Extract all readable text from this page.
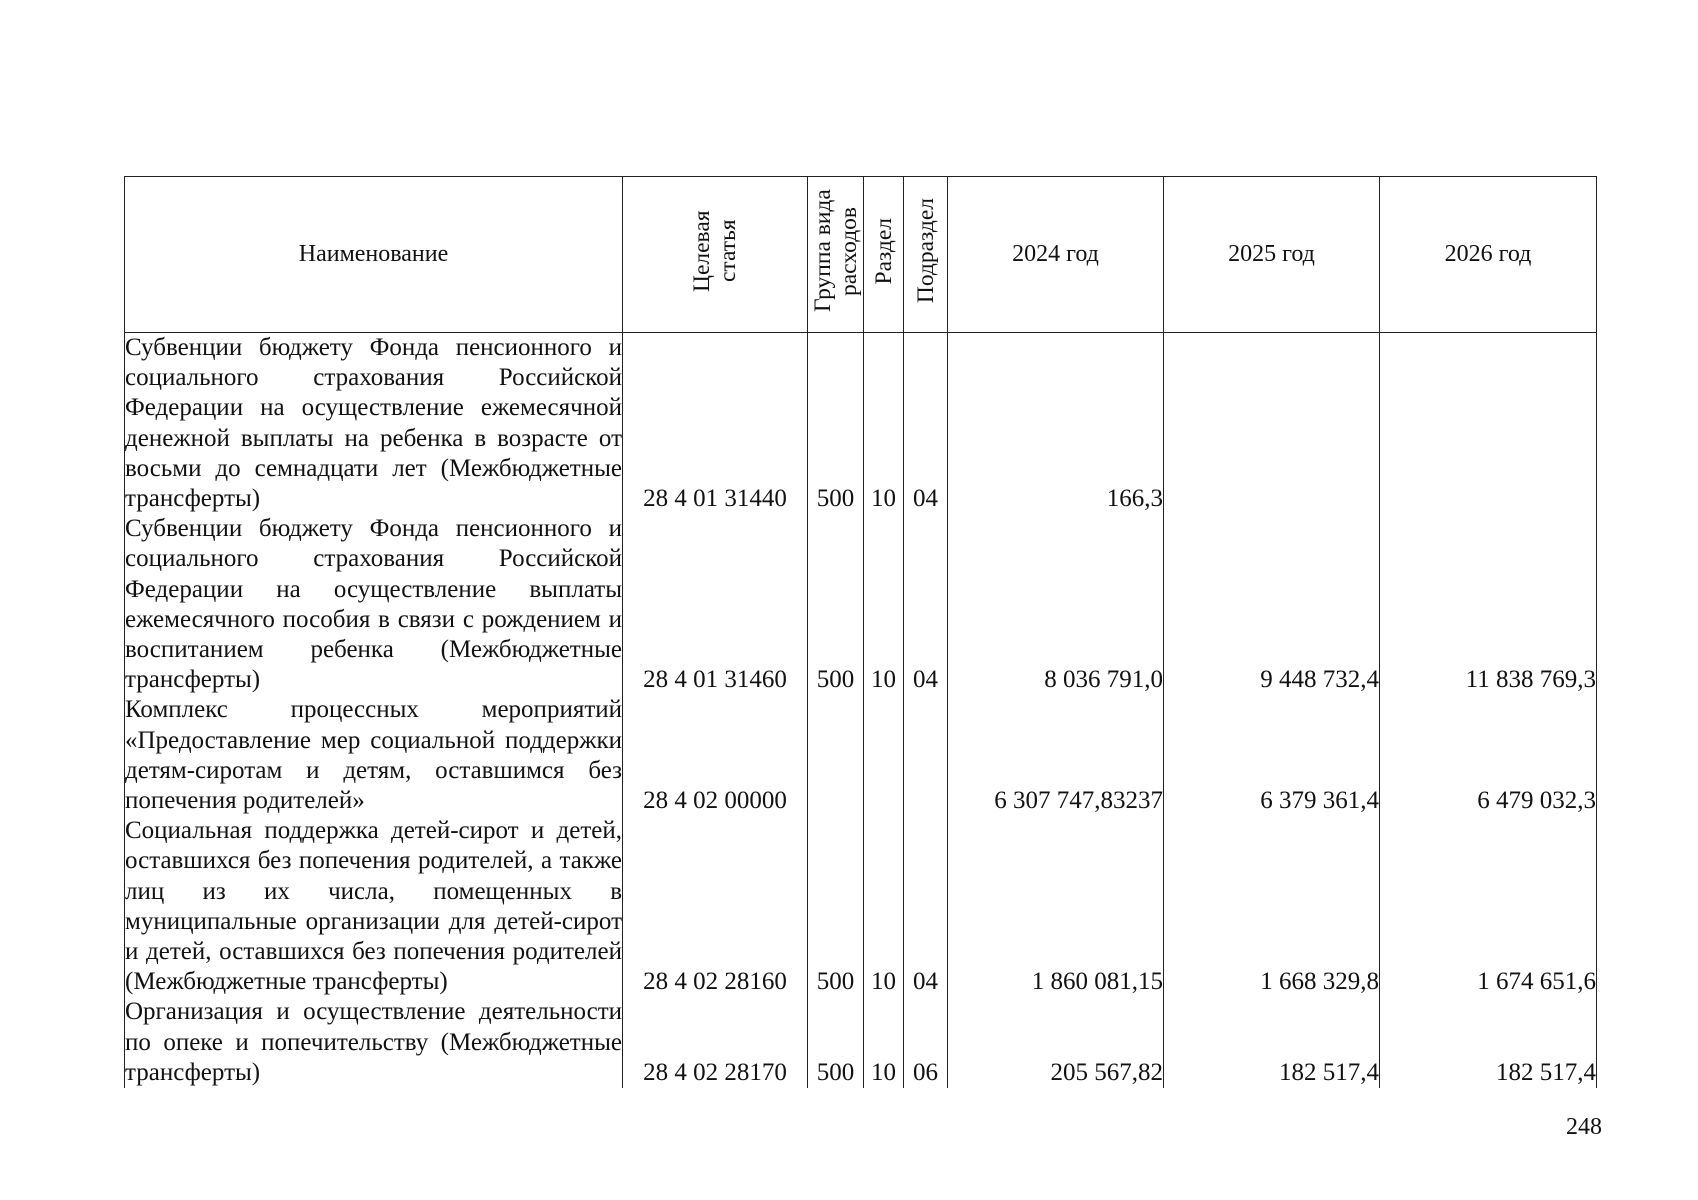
Наименование	Целевая статья	Группа вида расходов	Раздел	Подраздел	2024 год	2025 год	2026 год
Субвенции бюджету Фонда пенсионного и социального страхования Российской Федерации на осуществление ежемесячной денежной выплаты на ребенка в возрасте от восьми до семнадцати лет (Межбюджетные трансферты)	28 4 01 31440	500	10	04	166,3		
Субвенции бюджету Фонда пенсионного и социального страхования Российской Федерации на осуществление выплаты ежемесячного пособия в связи с рождением и воспитанием ребенка (Межбюджетные трансферты)	28 4 01 31460	500	10	04	8 036 791,0	9 448 732,4	11 838 769,3
Комплекс процессных мероприятий «Предоставление мер социальной поддержки детям-сиротам и детям, оставшимся без попечения родителей»	28 4 02 00000				6 307 747,83237	6 379 361,4	6 479 032,3
Социальная поддержка детей-сирот и детей, оставшихся без попечения родителей, а также лиц из их числа, помещенных в муниципальные организации для детей-сирот и детей, оставшихся без попечения родителей (Межбюджетные трансферты)	28 4 02 28160	500	10	04	1 860 081,15	1 668 329,8	1 674 651,6
Организация и осуществление деятельности по опеке и попечительству (Межбюджетные трансферты)	28 4 02 28170	500	10	06	205 567,82	182 517,4	182 517,4
248
